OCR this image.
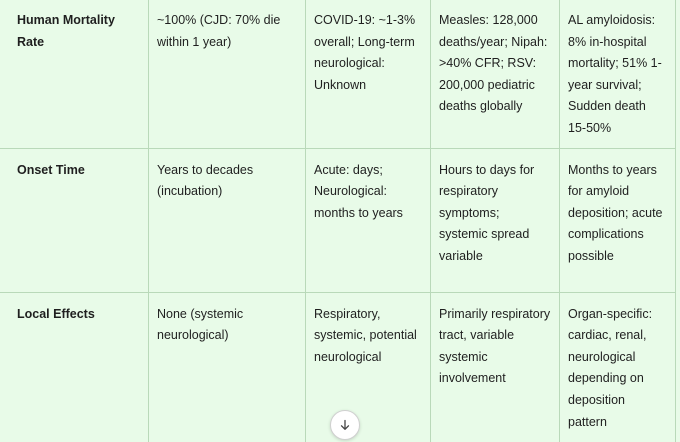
Human Mortality Rate	~100% (CJD: 70% die within 1 year)	COVID-19: ~1-3% overall; Long-term neurological: Unknown	Measles: 128,000 deaths/year; Nipah: >40% CFR; RSV: 200,000 pediatric deaths globally	AL amyloidosis: 8% in-hospital mortality; 51% 1-year survival; Sudden death 15-50%
Onset Time	Years to decades (incubation)	Acute: days; Neurological: months to years	Hours to days for respiratory symptoms; systemic spread variable	Months to years for amyloid deposition; acute complications possible
Local Effects	None (systemic neurological)	Respiratory, systemic, potential neurological	Primarily respiratory tract, variable systemic involvement	Organ-specific: cardiac, renal, neurological depending on deposition pattern
